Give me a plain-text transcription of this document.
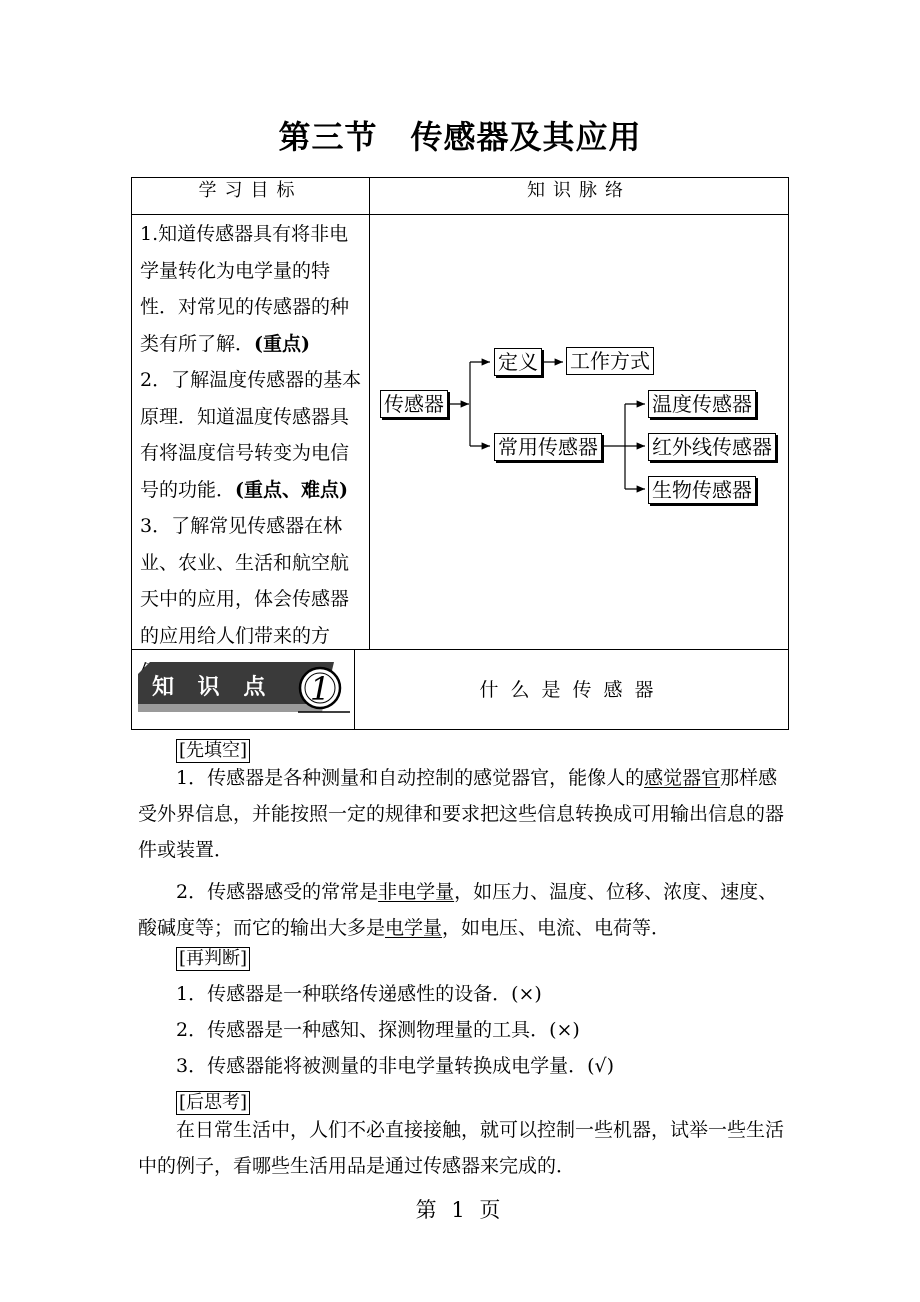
第三节　传感器及其应用
学习目标	知识脉络

1.知道传感器具有将非电学量转化为电学量的特性．对常见的传感器的种类有所了解．(重点)

2．了解温度传感器的基本原理．知道温度传感器具有将温度信号转变为电信号的功能．(重点、难点)

3．了解常见传感器在林业、农业、生活和航空航天中的应用，体会传感器的应用给人们带来的方

1
知 识 点	什么是传感器
传感器
定义 工作方式
常用传感器
温度传感器
红外线传感器
生物传感器
[先填空]

1．传感器是各种测量和自动控制的感觉器官，能像人的感觉器官那样感受外界信息，并能按照一定的规律和要求把这些信息转换成可用输出信息的器件或装置．

2．传感器感受的常常是非电学量，如压力、温度、位移、浓度、速度、酸碱度等；而它的输出大多是电学量，如电压、电流、电荷等．

[再判断]

1．传感器是一种联络传递感性的设备．(×)

2．传感器是一种感知、探测物理量的工具．(×)

3．传感器能将被测量的非电学量转换成电学量．(√)

[后思考]

在日常生活中，人们不必直接接触，就可以控制一些机器，试举一些生活中的例子，看哪些生活用品是通过传感器来完成的．

第 1 页
